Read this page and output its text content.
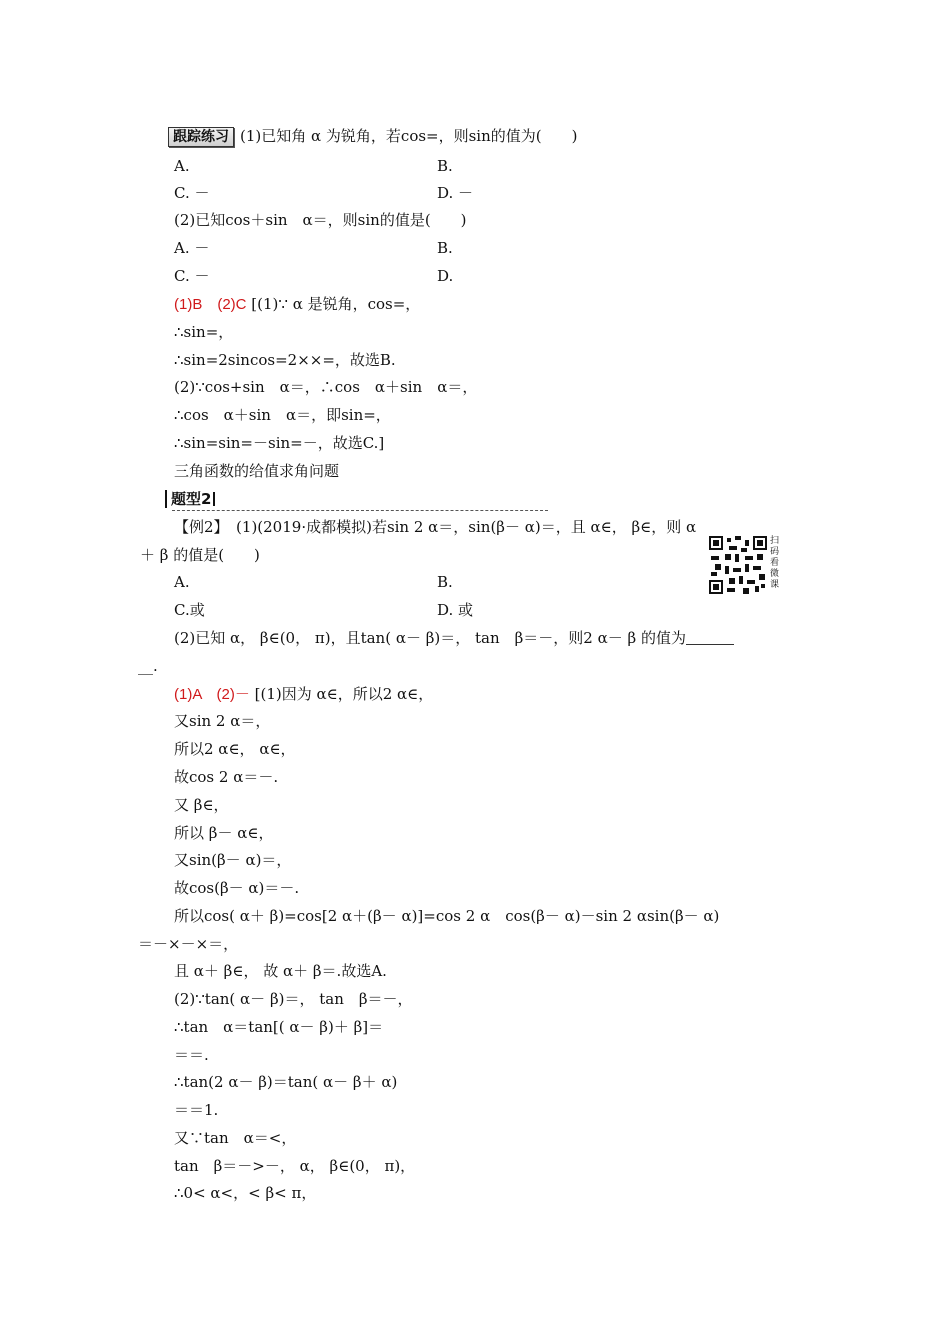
跟踪练习 (1)已知角 α 为锐角，若cos=，则sin的值为(　　)
A.	B.
C. －	D. －
(2)已知cos＋sin　α＝，则sin的值是(　　)
A. －	B.
C. －	D.
(1)B　(2)C [(1)∵ α 是锐角，cos=，
∴sin=，
∴sin=2sincos=2××=，故选B.
(2)∵cos+sin　α＝，∴cos　α＋sin　α＝，
∴cos　α＋sin　α＝，即sin=，
∴sin=sin=－sin=－，故选C.]
三角函数的给值求角问题
题型2
【例2】　(1)(2019·成都模拟)若sin 2 α＝，sin(β－ α)＝，且 α∈， β∈，则 α
＋ β 的值是(　　)
扫码看微课
A.	B.
C.或	D. 或
(2)已知 α， β∈(0， π)，且tan( α－ β)＝， tan　β＝－，则2 α－ β 的值为
__.
(1)A　(2)－ [(1)因为 α∈，所以2 α∈，
又sin 2 α＝，
所以2 α∈， α∈，
故cos 2 α＝－.
又 β∈，
所以 β－ α∈，
又sin(β－ α)＝，
故cos(β－ α)＝－.
所以cos( α＋ β)=cos[2 α＋(β－ α)]=cos 2 α　cos(β－ α)－sin 2 αsin(β－ α)
＝－×－×＝，
且 α＋ β∈， 故 α＋ β＝.故选A.
(2)∵tan( α－ β)＝， tan　β＝－，
∴tan　α＝tan[( α－ β)＋ β]＝
＝＝.
∴tan(2 α－ β)＝tan( α－ β＋ α)
＝＝1.
又∵tan　α＝<，
tan　β＝－>－， α， β∈(0， π)，
∴0< α<，< β< π，
